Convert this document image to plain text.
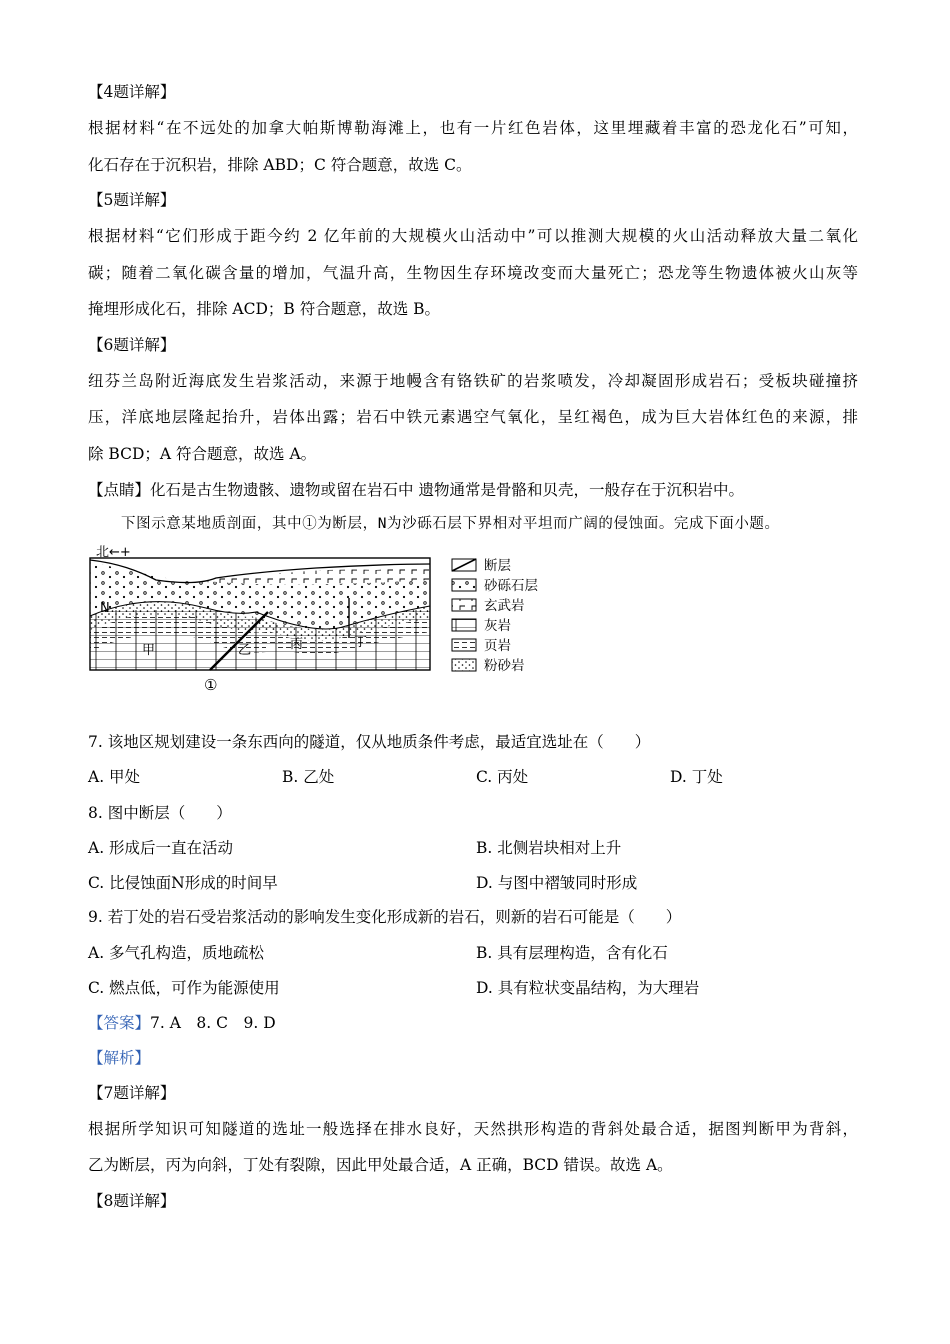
【4题详解】
根据材料“在不远处的加拿大帕斯博勒海滩上，也有一片红色岩体，这里埋藏着丰富的恐龙化石”可知，
化石存在于沉积岩，排除 ABD；C 符合题意，故选 C。
【5题详解】
根据材料“它们形成于距今约 2 亿年前的大规模火山活动中”可以推测大规模的火山活动释放大量二氧化
碳；随着二氧化碳含量的增加，气温升高，生物因生存环境改变而大量死亡；恐龙等生物遗体被火山灰等
掩埋形成化石，排除 ACD；B 符合题意，故选 B。
【6题详解】
纽芬兰岛附近海底发生岩浆活动，来源于地幔含有铬铁矿的岩浆喷发，冷却凝固形成岩石；受板块碰撞挤
压，洋底地层隆起抬升，岩体出露；岩石中铁元素遇空气氧化，呈红褐色，成为巨大岩体红色的来源，排
除 BCD；A 符合题意，故选 A。
【点睛】化石是古生物遗骸、遗物或留在岩石中 遗物通常是骨骼和贝壳，一般存在于沉积岩中。
下图示意某地质剖面，其中①为断层，N为沙砾石层下界相对平坦而广阔的侵蚀面。完成下面小题。
北←+
N
甲	乙	丙	丁
①
断层
砂砾石层
玄武岩
灰岩
页岩
粉砂岩
7. 该地区规划建设一条东西向的隧道，仅从地质条件考虑，最适宜选址在（　　）
A. 甲处	B. 乙处	C. 丙处	D. 丁处
8. 图中断层（　　）
A. 形成后一直在活动	B. 北侧岩块相对上升
C. 比侵蚀面N形成的时间早	D. 与图中褶皱同时形成
9. 若丁处的岩石受岩浆活动的影响发生变化形成新的岩石，则新的岩石可能是（　　）
A. 多气孔构造，质地疏松	B. 具有层理构造，含有化石
C. 燃点低，可作为能源使用	D. 具有粒状变晶结构，为大理岩
【答案】7. A　8. C　9. D
【解析】
【7题详解】
根据所学知识可知隧道的选址一般选择在排水良好，天然拱形构造的背斜处最合适，据图判断甲为背斜，
乙为断层，丙为向斜，丁处有裂隙，因此甲处最合适，A 正确，BCD 错误。故选 A。
【8题详解】
